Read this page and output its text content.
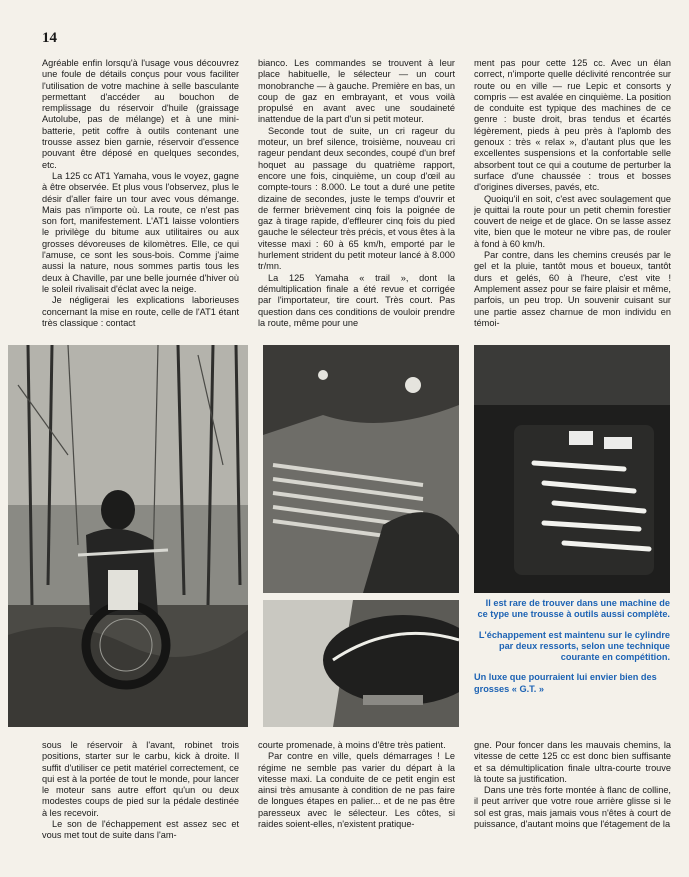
14

Agréable enfin lorsqu'à l'usage vous découvrez une foule de détails conçus pour vous faciliter l'utilisation de votre machine à selle basculante permettant d'accéder au bouchon de remplissage du réservoir d'huile (graissage Autolube, pas de mélange) et à une mini-batterie, petit coffre à outils contenant une trousse assez bien garnie, réservoir d'essence pouvant être déposé en quelques secondes, etc.

La 125 cc AT1 Yamaha, vous le voyez, gagne à être observée. Et plus vous l'observez, plus le désir d'aller faire un tour avec vous démange. Mais pas n'importe où. La route, ce n'est pas son fort, manifestement. L'AT1 laisse volontiers le privilège du bitume aux utilitaires ou aux grosses dévoreuses de kilomètres. Elle, ce qui l'amuse, ce sont les sous-bois. Comme j'aime aussi la nature, nous sommes partis tous les deux à Chaville, par une belle journée d'hiver où le soleil rivalisait d'éclat avec la neige.

Je négligerai les explications laborieuses concernant la mise en route, celle de l'AT1 étant très classique : contact

bianco. Les commandes se trouvent à leur place habituelle, le sélecteur — un court monobranche — à gauche. Première en bas, un coup de gaz en embrayant, et vous voilà propulsé en avant avec une soudaineté inattendue de la part d'un si petit moteur.

Seconde tout de suite, un cri rageur du moteur, un bref silence, troisième, nouveau cri rageur pendant deux secondes, coupé d'un bref hoquet au passage du quatrième rapport, encore une fois, cinquième, un coup d'œil au compte-tours : 8.000. Le tout a duré une petite dizaine de secondes, juste le temps d'ouvrir et de fermer brièvement cinq fois la poignée de gaz à tirage rapide, d'effleurer cinq fois du pied gauche le sélecteur très précis, et vous êtes à la vitesse maxi : 60 à 65 km/h, emporté par le hurlement strident du petit moteur lancé à 8.000 tr/mn.

La 125 Yamaha « trail », dont la démultiplication finale a été revue et corrigée par l'importateur, tire court. Très court. Pas question dans ces conditions de vouloir prendre la route, même pour une

ment pas pour cette 125 cc. Avec un élan correct, n'importe quelle déclivité rencontrée sur route ou en ville — rue Lepic et consorts y compris — est avalée en cinquième. La position de conduite est typique des machines de ce genre : buste droit, bras tendus et écartés légèrement, pieds à peu près à l'aplomb des genoux : très « relax », d'autant plus que les excellentes suspensions et la confortable selle absorbent tout ce qui a coutume de perturber la surface d'une chaussée : trous et bosses d'origines diverses, pavés, etc.

Quoiqu'il en soit, c'est avec soulagement que je quittai la route pour un petit chemin forestier couvert de neige et de glace. On se lasse assez vite, bien que le moteur ne vibre pas, de rouler à fond à 60 km/h.

Par contre, dans les chemins creusés par le gel et la pluie, tantôt mous et boueux, tantôt durs et gelés, 60 à l'heure, c'est vite ! Amplement assez pour se faire plaisir et même, parfois, un peu trop. Un souvenir cuisant sur une partie assez charnue de mon individu en témoi-

Il est rare de trouver dans une machine de ce type une trousse à outils aussi complète.

L'échappement est maintenu sur le cylindre par deux ressorts, selon une technique courante en compétition.

Un luxe que pourraient lui envier bien des grosses « G.T. »

sous le réservoir à l'avant, robinet trois positions, starter sur le carbu, kick à droite. Il suffit d'utiliser ce petit matériel correctement, ce qui est à la portée de tout le monde, pour lancer le moteur sans autre effort qu'un ou deux modestes coups de pied sur la pédale destinée à les recevoir.

Le son de l'échappement est assez sec et vous met tout de suite dans l'am-

courte promenade, à moins d'être très patient.

Par contre en ville, quels démarrages ! Le régime ne semble pas varier du départ à la vitesse maxi. La conduite de ce petit engin est ainsi très amusante à condition de ne pas faire de longues étapes en palier... et de ne pas être paresseux avec le sélecteur. Les côtes, si raides soient-elles, n'existent pratique-

gne. Pour foncer dans les mauvais chemins, la vitesse de cette 125 cc est donc bien suffisante et sa démultiplication finale ultra-courte trouve là toute sa justification.

Dans une très forte montée à flanc de colline, il peut arriver que votre roue arrière glisse si le sol est gras, mais jamais vous n'êtes à court de puissance, d'autant moins que l'étagement de la
